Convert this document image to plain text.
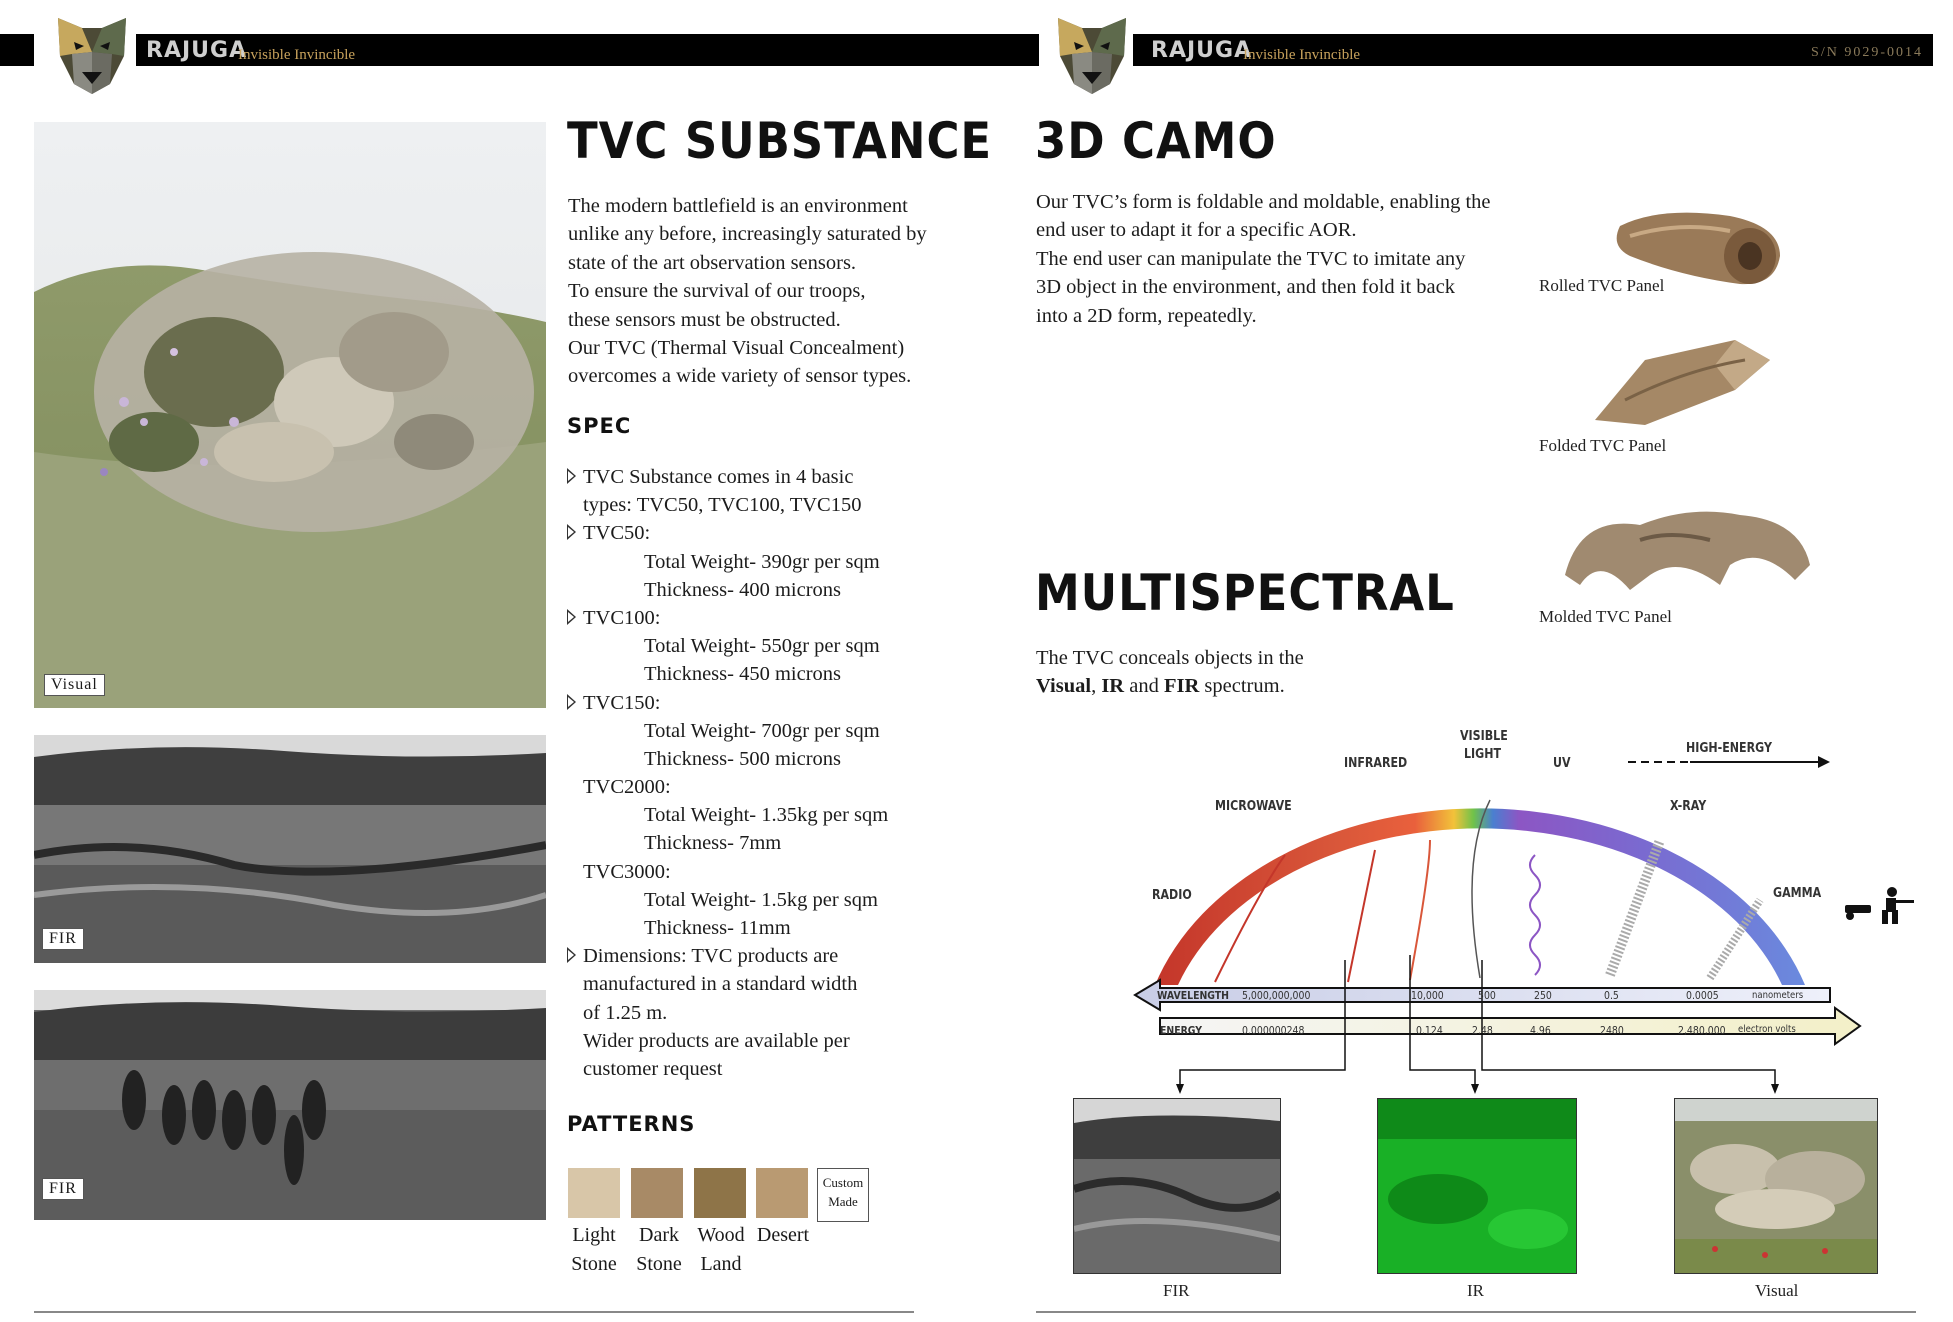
RAJUGA
Invisible Invincible	RAJUGA
Invisible Invincible	S/N 9029-0014
Visual
FIR
FIR
TVC SUBSTANCE

The modern battlefield is an environment

unlike any before, increasingly saturated by

state of the art observation sensors.

To ensure the survival of our troops,

these sensors must be obstructed.

Our TVC (Thermal Visual Concealment)

overcomes a wide variety of sensor types.

SPEC
TVC Substance comes in 4 basic
types: TVC50, TVC100, TVC150
TVC50:
Total Weight- 390gr per sqm
Thickness- 400 microns
TVC100:
Total Weight- 550gr per sqm
Thickness- 450 microns
TVC150:
Total Weight- 700gr per sqm
Thickness- 500 microns
TVC2000:
Total Weight- 1.35kg per sqm
Thickness- 7mm
TVC3000:
Total Weight- 1.5kg per sqm
Thickness- 11mm
Dimensions: TVC products are
manufactured in a standard width
of 1.25 m.
Wider products are available per
customer request
PATTERNS
Custom
Made
Light
Stone
Dark
Stone
Wood
Land
Desert
3D CAMO

Our TVC’s form is foldable and moldable, enabling the

end user to adapt it for a specific AOR.

The end user can manipulate the TVC to imitate any

3D object in the environment, and then fold it back

into a 2D form, repeatedly.

Rolled TVC Panel
Folded TVC Panel
Molded TVC Panel
MULTISPECTRAL

The TVC conceals objects in the

Visual, IR and FIR spectrum.

RADIO
MICROWAVE
INFRARED
VISIBLE
LIGHT
UV
HIGH-ENERGY
X-RAY
GAMMA
WAVELENGTH 5,000,000,000	10,000	500	250	0.5	0.0005	nanometers
ENERGY	0.000000248	0.124	2.48	4.96	2480	2,480,000 electron volts
FIR	IR	Visual
